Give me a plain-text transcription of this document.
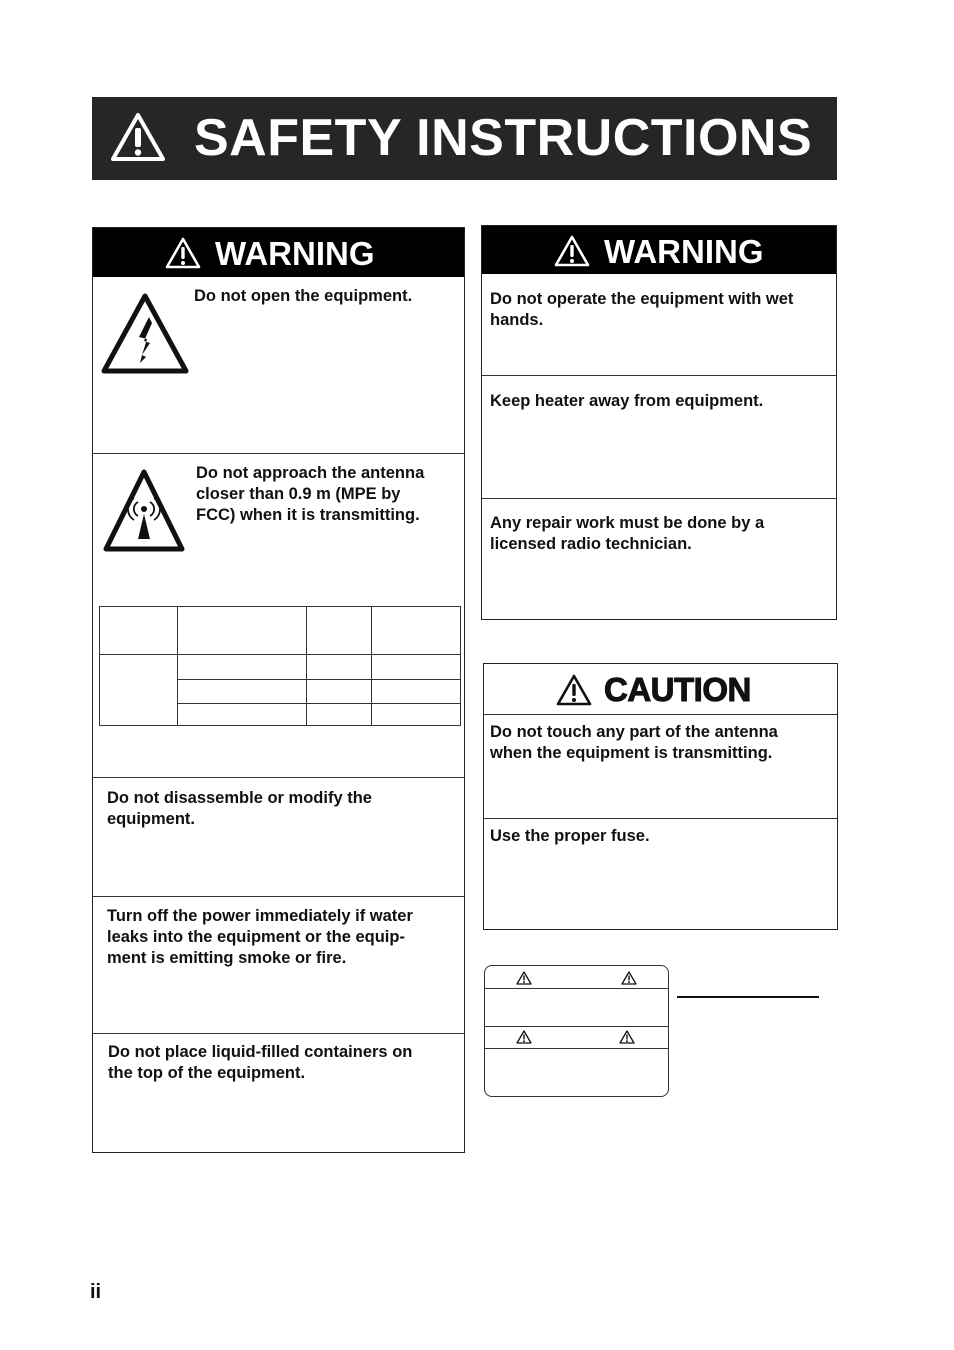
SAFETY INSTRUCTIONS
WARNING
Do not open the equipment.
Do not approach the antenna
closer than 0.9 m (MPE by
FCC) when it is transmitting.
Do not disassemble or modify the
equipment.
Turn off the power immediately if water
leaks into the equipment or the equip-
ment is emitting smoke or fire.
Do not place liquid-filled containers on
the top of the equipment.
WARNING
Do not operate the equipment with wet
hands.
Keep heater away from equipment.
Any repair work must be done by a
licensed radio technician.
CAUTION
Do not touch any part of the antenna
when the equipment is transmitting.
Use the proper fuse.
ii
